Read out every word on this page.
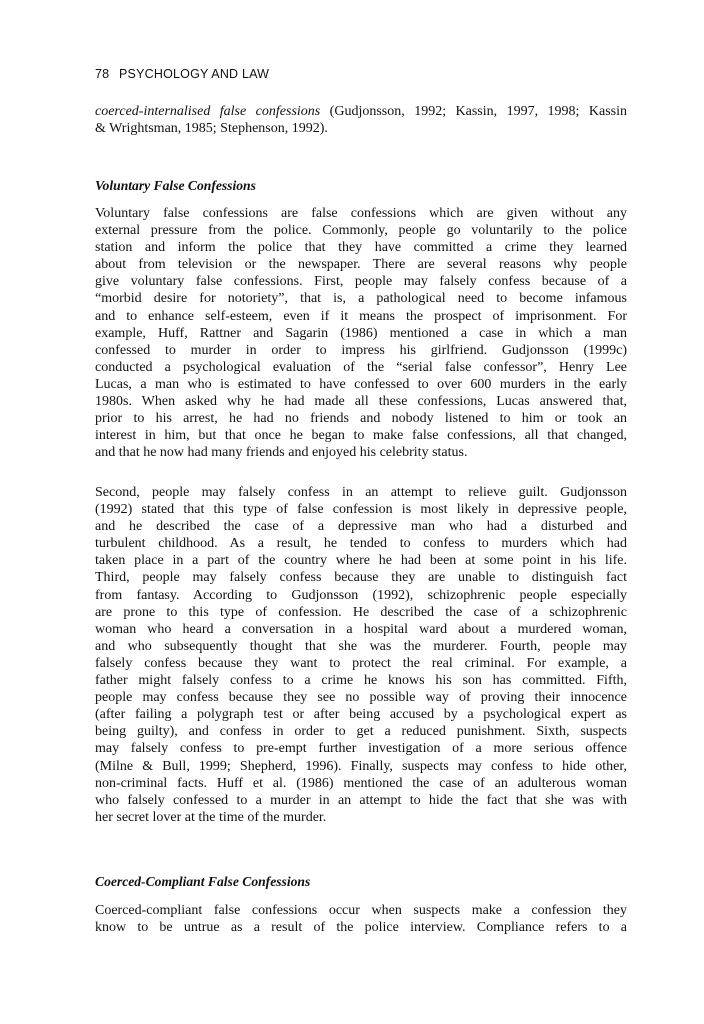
78 PSYCHOLOGY AND LAW
coerced-internalised false confessions (Gudjonsson, 1992; Kassin, 1997, 1998; Kassin
& Wrightsman, 1985; Stephenson, 1992).
Voluntary False Confessions
Voluntary false confessions are false confessions which are given without any
external pressure from the police. Commonly, people go voluntarily to the police
station and inform the police that they have committed a crime they learned
about from television or the newspaper. There are several reasons why people
give voluntary false confessions. First, people may falsely confess because of a
“morbid desire for notoriety”, that is, a pathological need to become infamous
and to enhance self-esteem, even if it means the prospect of imprisonment. For
example, Huff, Rattner and Sagarin (1986) mentioned a case in which a man
confessed to murder in order to impress his girlfriend. Gudjonsson (1999c)
conducted a psychological evaluation of the “serial false confessor”, Henry Lee
Lucas, a man who is estimated to have confessed to over 600 murders in the early
1980s. When asked why he had made all these confessions, Lucas answered that,
prior to his arrest, he had no friends and nobody listened to him or took an
interest in him, but that once he began to make false confessions, all that changed,
and that he now had many friends and enjoyed his celebrity status.
Second, people may falsely confess in an attempt to relieve guilt. Gudjonsson
(1992) stated that this type of false confession is most likely in depressive people,
and he described the case of a depressive man who had a disturbed and
turbulent childhood. As a result, he tended to confess to murders which had
taken place in a part of the country where he had been at some point in his life.
Third, people may falsely confess because they are unable to distinguish fact
from fantasy. According to Gudjonsson (1992), schizophrenic people especially
are prone to this type of confession. He described the case of a schizophrenic
woman who heard a conversation in a hospital ward about a murdered woman,
and who subsequently thought that she was the murderer. Fourth, people may
falsely confess because they want to protect the real criminal. For example, a
father might falsely confess to a crime he knows his son has committed. Fifth,
people may confess because they see no possible way of proving their innocence
(after failing a polygraph test or after being accused by a psychological expert as
being guilty), and confess in order to get a reduced punishment. Sixth, suspects
may falsely confess to pre-empt further investigation of a more serious offence
(Milne & Bull, 1999; Shepherd, 1996). Finally, suspects may confess to hide other,
non-criminal facts. Huff et al. (1986) mentioned the case of an adulterous woman
who falsely confessed to a murder in an attempt to hide the fact that she was with
her secret lover at the time of the murder.
Coerced-Compliant False Confessions
Coerced-compliant false confessions occur when suspects make a confession they
know to be untrue as a result of the police interview. Compliance refers to a
